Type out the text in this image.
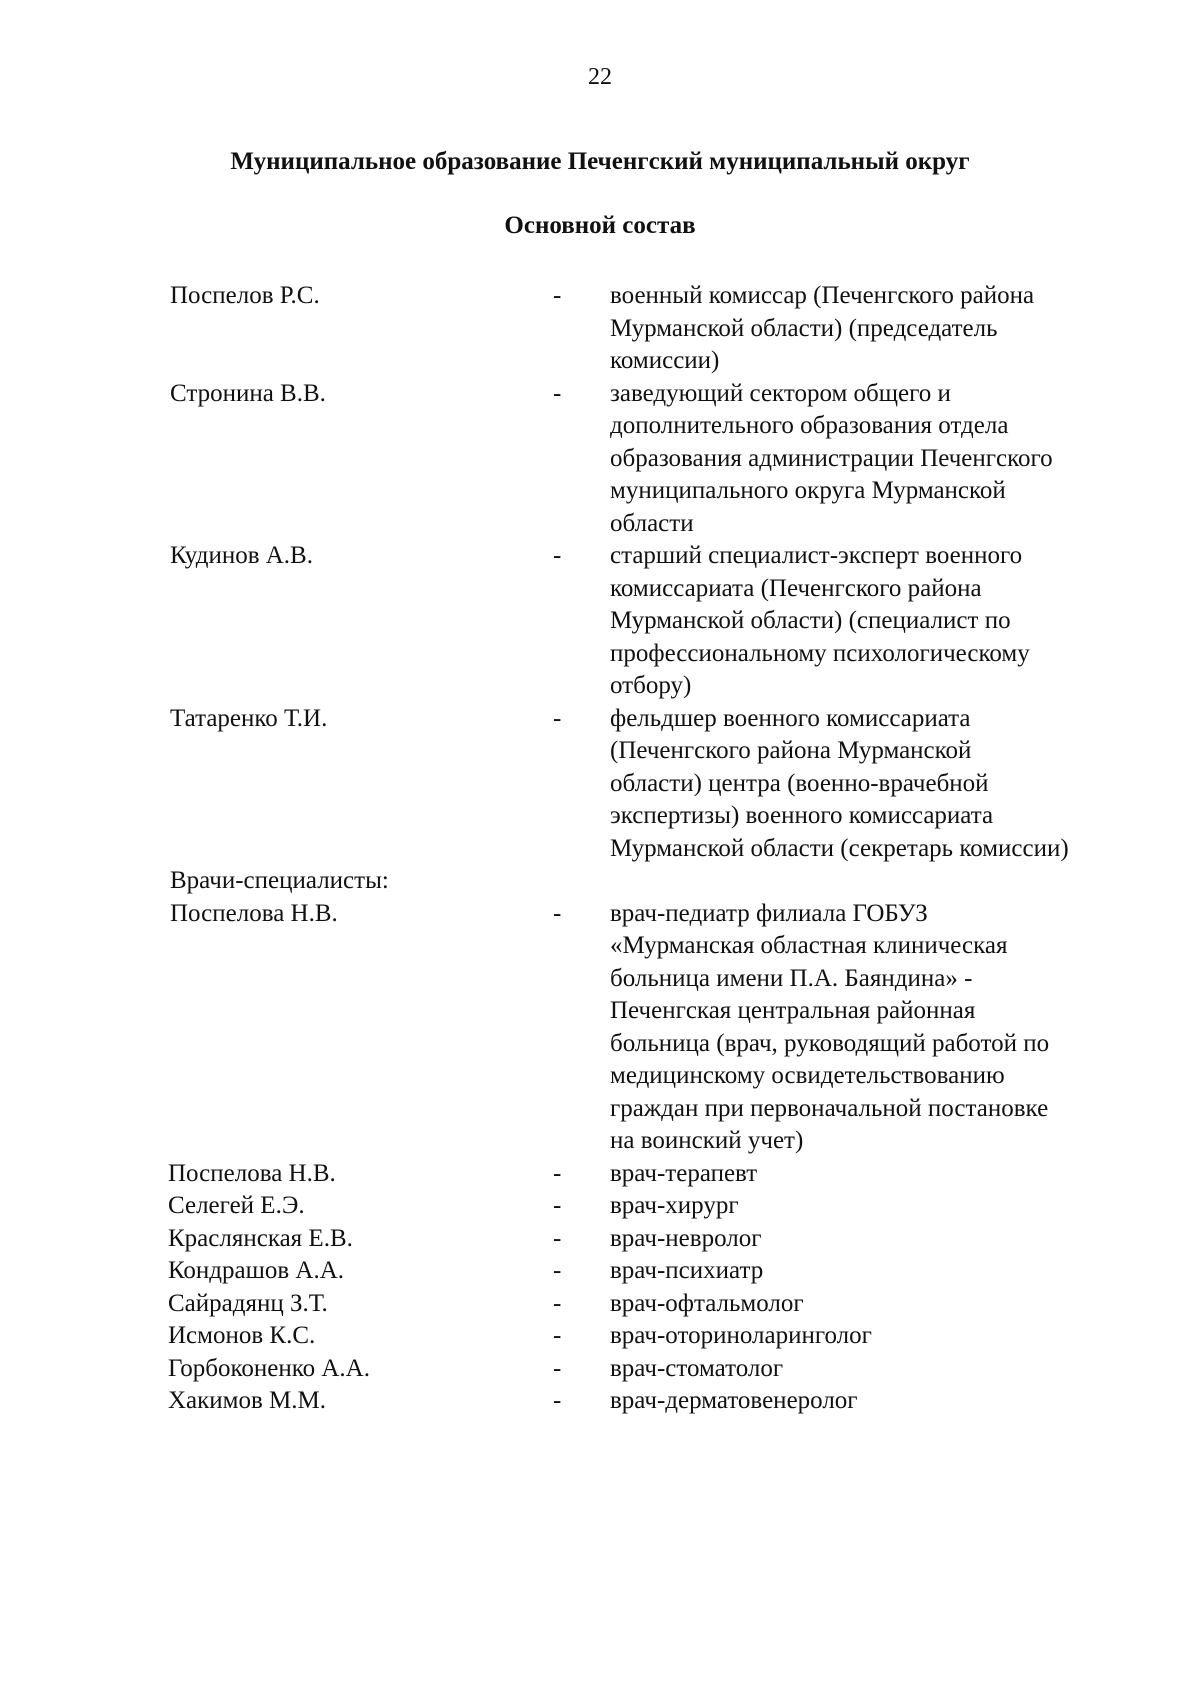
22
Муниципальное образование Печенгский муниципальный округ
Основной состав
Поспелов Р.С.	- военный комиссар (Печенгского района
Мурманской области) (председатель
комиссии)
Стронина В.В.	- заведующий сектором общего и
дополнительного образования отдела
образования администрации Печенгского
муниципального округа Мурманской
области
Кудинов А.В.	- старший специалист-эксперт военного
комиссариата (Печенгского района
Мурманской области) (специалист по
профессиональному психологическому
отбору)
Татаренко Т.И.	- фельдшер военного комиссариата
(Печенгского района Мурманской
области) центра (военно-врачебной
экспертизы) военного комиссариата
Мурманской области (секретарь комиссии)
Врачи-специалисты:
Поспелова Н.В.	- врач-педиатр филиала ГОБУЗ
«Мурманская областная клиническая
больница имени П.А. Баяндина» -
Печенгская центральная районная
больница (врач, руководящий работой по
медицинскому освидетельствованию
граждан при первоначальной постановке
на воинский учет)
Поспелова Н.В.	- врач-терапевт
Селегей Е.Э.	- врач-хирург
Краслянская Е.В.	- врач-невролог
Кондрашов А.А.	- врач-психиатр
Сайрадянц З.Т.	- врач-офтальмолог
Исмонов К.С.	- врач-оториноларинголог
Горбоконенко А.А.	- врач-стоматолог
Хакимов М.М.	- врач-дерматовенеролог
